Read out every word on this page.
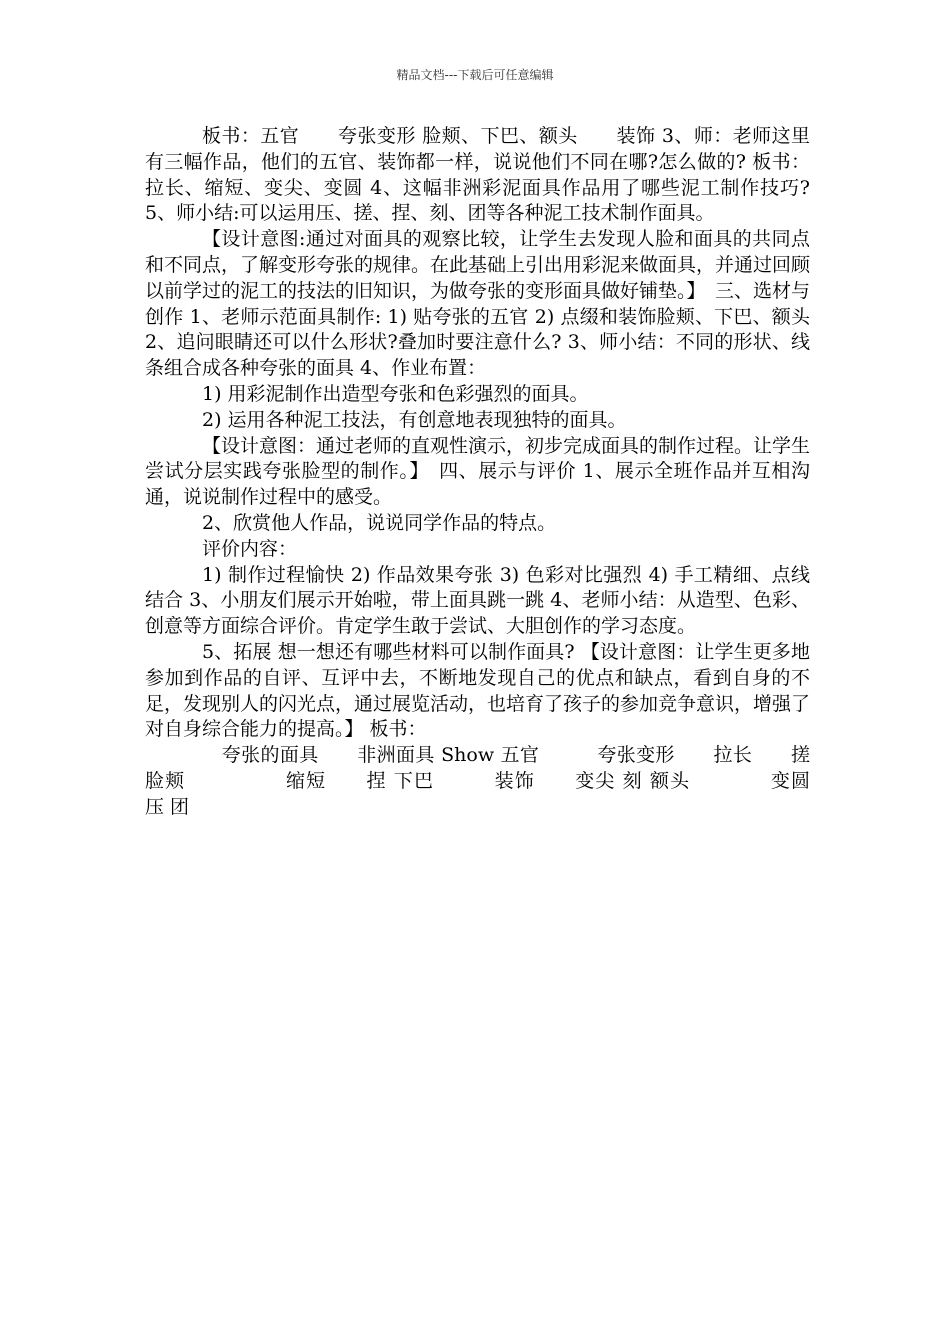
精品文档---下载后可任意编辑

板书：五官　　夸张变形 脸颊、下巴、额头　　装饰 3、师：老师这里有三幅作品，他们的五官、装饰都一样，说说他们不同在哪?怎么做的? 板书：拉长、缩短、变尖、变圆 4、这幅非洲彩泥面具作品用了哪些泥工制作技巧? 5、师小结:可以运用压、搓、捏、刻、团等各种泥工技术制作面具。

【设计意图:通过对面具的观察比较，让学生去发现人脸和面具的共同点和不同点，了解变形夸张的规律。在此基础上引出用彩泥来做面具，并通过回顾以前学过的泥工的技法的旧知识，为做夸张的变形面具做好铺垫。】　三、选材与创作 1、老师示范面具制作: 1) 贴夸张的五官 2) 点缀和装饰脸颊、下巴、额头 2、追问眼睛还可以什么形状?叠加时要注意什么? 3、师小结：不同的形状、线条组合成各种夸张的面具 4、作业布置：

1) 用彩泥制作出造型夸张和色彩强烈的面具。

2) 运用各种泥工技法，有创意地表现独特的面具。

【设计意图：通过老师的直观性演示，初步完成面具的制作过程。让学生尝试分层实践夸张脸型的制作。】　四、展示与评价 1、展示全班作品并互相沟通，说说制作过程中的感受。

2、欣赏他人作品，说说同学作品的特点。

评价内容：

1) 制作过程愉快 2) 作品效果夸张 3) 色彩对比强烈 4) 手工精细、点线结合 3、小朋友们展示开始啦，带上面具跳一跳 4、老师小结：从造型、色彩、创意等方面综合评价。肯定学生敢于尝试、大胆创作的学习态度。

5、拓展 想一想还有哪些材料可以制作面具? 【设计意图：让学生更多地参加到作品的自评、互评中去，不断地发现自己的优点和缺点，看到自身的不足，发现别人的闪光点，通过展览活动，也培育了孩子的参加竞争意识，增强了对自身综合能力的提高。】 板书：

　　夸张的面具　　非洲面具 Show 五官　　　夸张变形　　拉长　　搓 脸颊　　　　　缩短　　捏 下巴　　　装饰　　变尖 刻 额头　　　　变圆　　压 团
